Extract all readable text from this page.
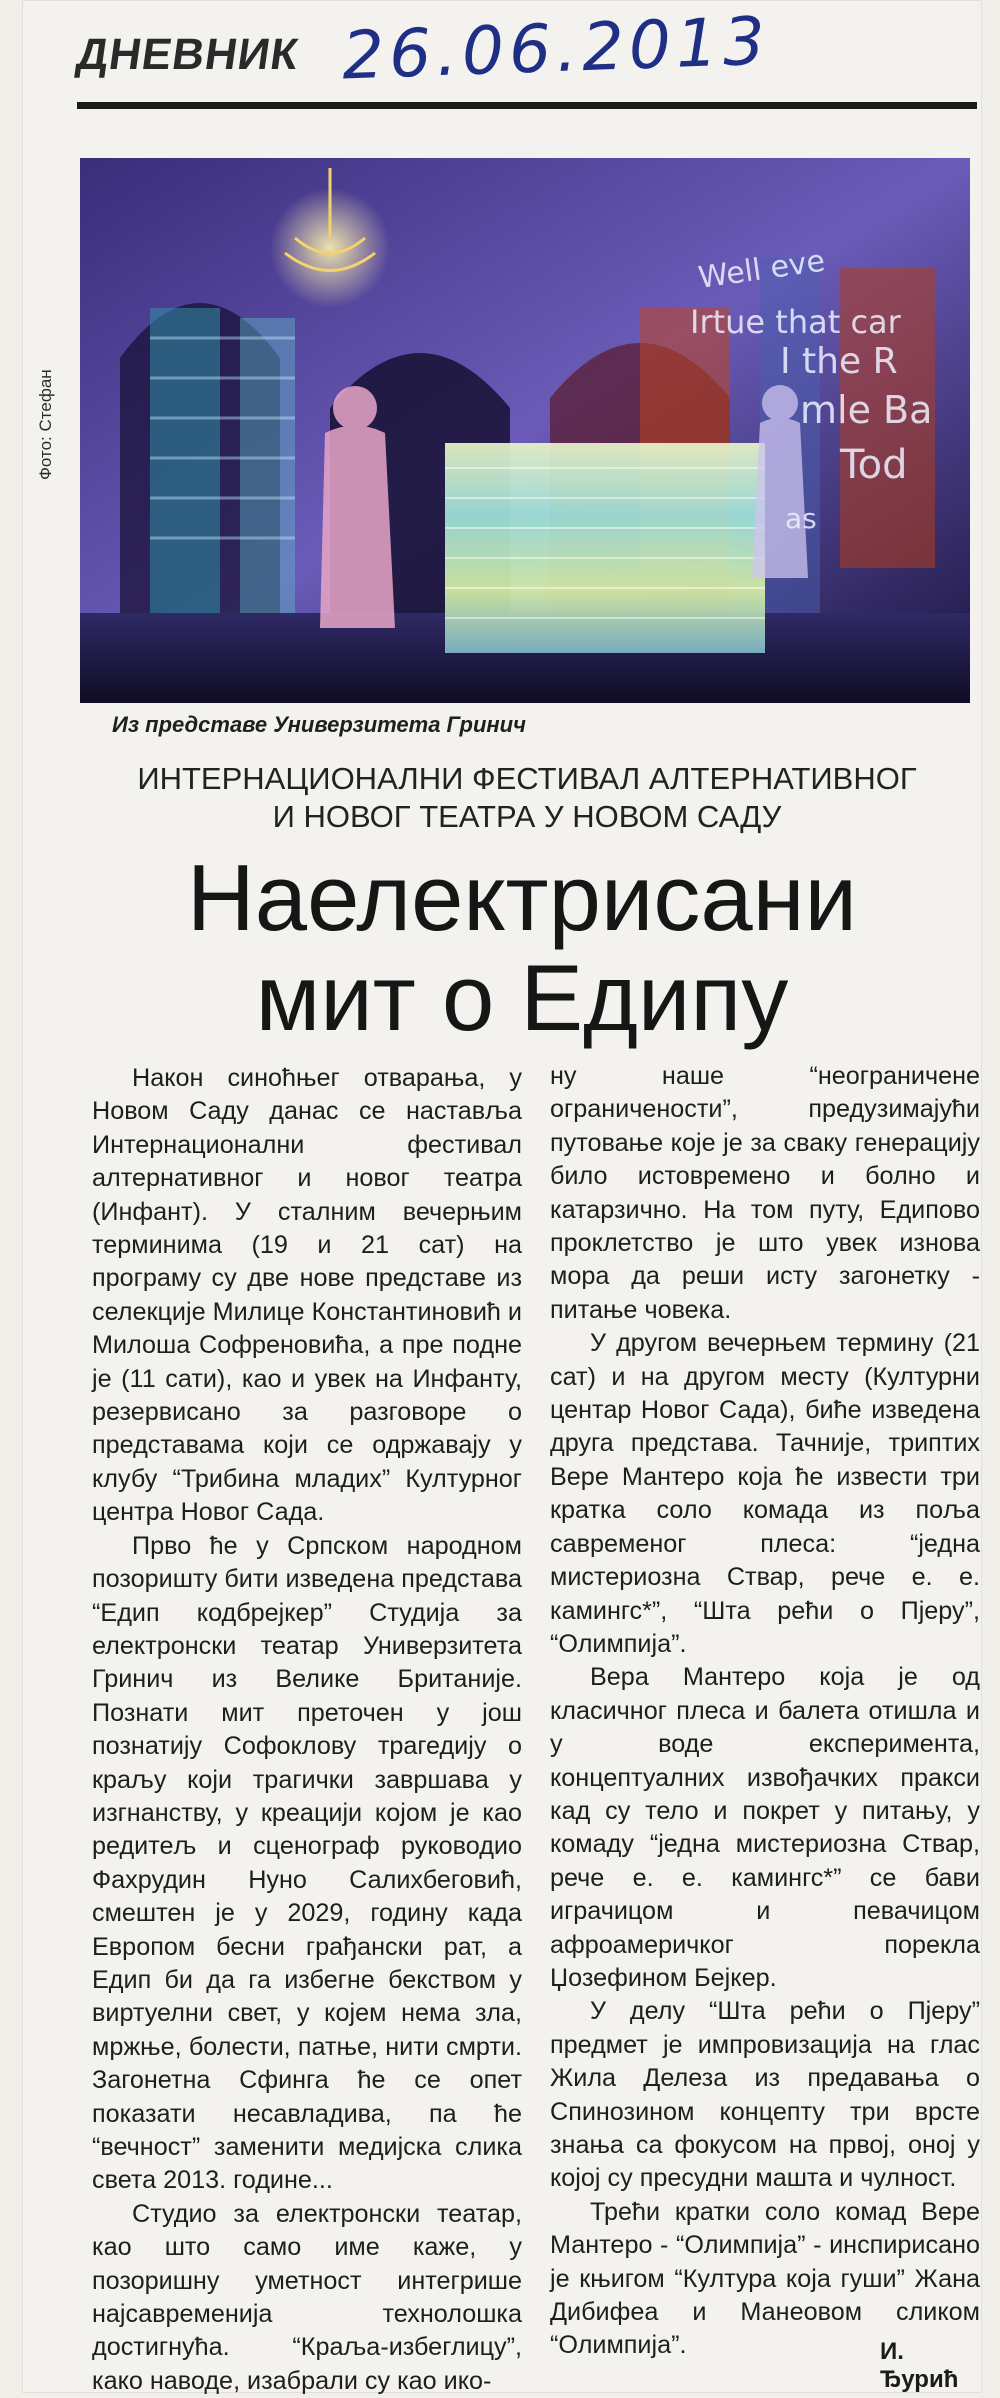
ДНЕВНИК 26.06.2013
Фото: Стефан
Well eve
Irtue that car
I the R
mle Ba
Tod
as
Из представе Универзитета Гринич
ИНТЕРНАЦИОНАЛНИ ФЕСТИВАЛ АЛТЕРНАТИВНОГ
И НОВОГ ТЕАТРА У НОВОМ САДУ
Наелектрисани
мит о Едипу

Након синоћњег отварања, у Новом Саду данас се наставља Интернационални фестивал алтернативног и новог театра (Инфант). У сталним вечерњим терминима (19 и 21 сат) на програму су две нове представе из селекције Милице Константиновић и Милоша Софреновића, а пре подне је (11 сати), као и увек на Инфанту, резервисано за разговоре о представама који се одржавају у клубу “Трибина младих” Културног центра Новог Сада.

Прво ће у Српском народном позоришту бити изведена представа “Едип кодбрејкер” Студија за електронски театар Универзитета Гринич из Велике Британије. Познати мит преточен у још познатију Софоклову трагедију о краљу који трагички завршава у изгнанству, у креацији којом је као редитељ и сценограф руководио Фахрудин Нуно Салихбеговић, смештен је у 2029, годину када Европом бесни грађански рат, а Едип би да га избегне бекством у виртуелни свет, у којем нема зла, мржње, болести, патње, нити смрти. Загонетна Сфинга ће се опет показати несавладива, па ће “вечност” заменити медијска слика света 2013. године...

Студио за електронски театар, као што само име каже, у позоришну уметност интегрише најсавременија технолошка достигнућа. “Краља-избеглицу”, како наводе, изабрали су као ико-

ну наше “неограничене ограничености”, предузимајући путовање које је за сваку генерацију било истовремено и болно и катарзично. На том путу, Едипово проклетство је што увек изнова мора да реши исту загонетку - питање човека.

У другом вечерњем термину (21 сат) и на другом месту (Културни центар Новог Сада), биће изведена друга представа. Тачније, триптих Вере Мантеро која ће извести три кратка соло комада из поља савременог плеса: “једна мистериозна Ствар, рече е. е. камингс*”, “Шта рећи о Пјеру”, “Олимпија”.

Вера Мантеро која је од класичног плеса и балета отишла и у воде експеримента, концептуалних извођачких пракси кад су тело и покрет у питању, у комаду “једна мистериозна Ствар, рече е. е. камингс*” се бави играчицом и певачицом афроамеричког порекла Џозефином Бејкер.

У делу “Шта рећи о Пјеру” предмет је импровизација на глас Жила Делеза из предавања о Спинозином концепту три врсте знања са фокусом на првој, оној у којој су пресудни машта и чулност.

Трећи кратки соло комад Вере Мантеро - “Олимпија” - инспирисано је књигом “Култура која гуши” Жана Дибифеа и Манеовом сликом “Олимпија”.	И. Ђурић
